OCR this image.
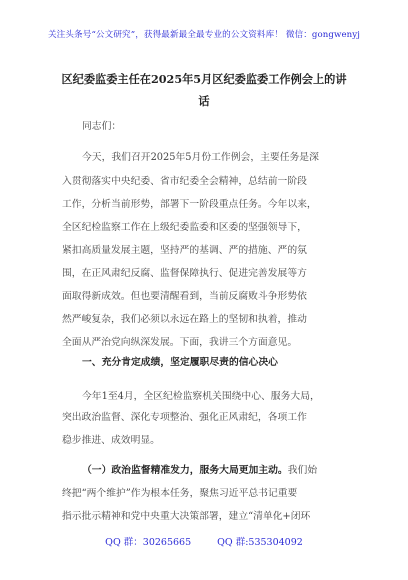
关注头条号“公文研究”，获得最新最全最专业的公文资料库！ 微信：gongwenyj
区纪委监委主任在2025年5月区纪委监委工作例会上的讲
话
同志们：
今天，我们召开2025年5月份工作例会，主要任务是深
入贯彻落实中央纪委、省市纪委全会精神，总结前一阶段
工作，分析当前形势，部署下一阶段重点任务。今年以来，
全区纪检监察工作在上级纪委监委和区委的坚强领导下，
紧扣高质量发展主题，坚持严的基调、严的措施、严的氛
围，在正风肃纪反腐、监督保障执行、促进完善发展等方
面取得新成效。但也要清醒看到，当前反腐败斗争形势依
然严峻复杂，我们必须以永远在路上的坚韧和执着，推动
全面从严治党向纵深发展。下面，我讲三个方面意见。
一、充分肯定成绩，坚定履职尽责的信心决心
今年1至4月，全区纪检监察机关围绕中心、服务大局，
突出政治监督、深化专项整治、强化正风肃纪，各项工作
稳步推进、成效明显。
（一）政治监督精准发力，服务大局更加主动。我们始
终把“两个维护”作为根本任务，聚焦习近平总书记重要
指示批示精神和党中央重大决策部署，建立“清单化+闭环
QQ 群：30265665	QQ 群:535304092
